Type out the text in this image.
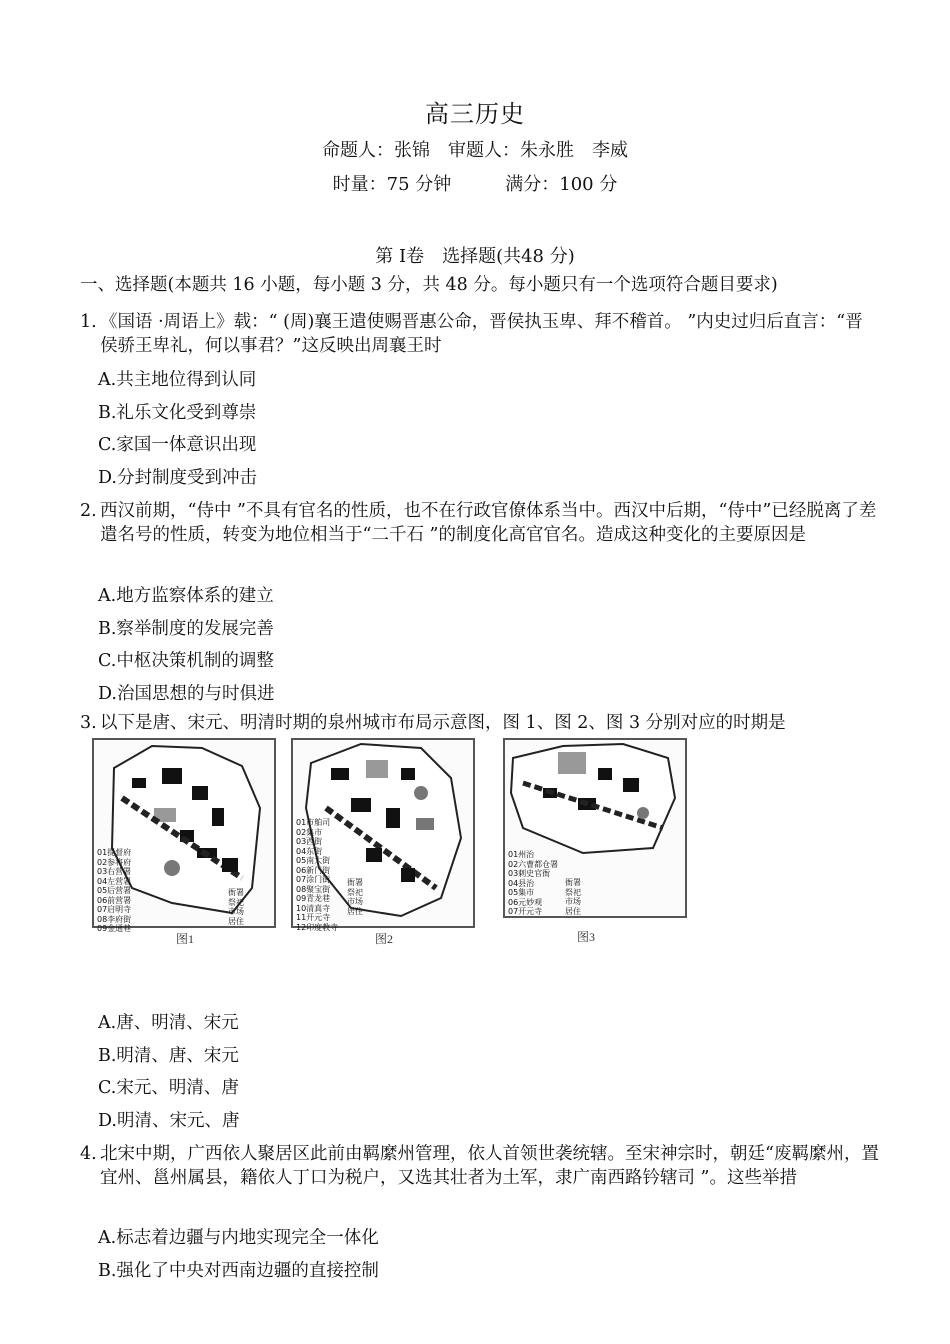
高三历史
命题人：张锦　审题人：朱永胜　李威
时量：75 分钟　　　满分：100 分
第 Ⅰ卷　选择题(共48 分)
一、选择题(本题共 16 小题，每小题 3 分，共 48 分。每小题只有一个选项符合题目要求)
1. 《国语 ·周语上》载：“ (周)襄王遣使赐晋惠公命，晋侯执玉卑、拜不稽首。 ”内史过归后直言：“晋侯骄王卑礼，何以事君？”这反映出周襄王时
A.共主地位得到认同
B.礼乐文化受到尊崇
C.家国一体意识出现
D.分封制度受到冲击
2. 西汉前期，“侍中 ”不具有官名的性质，也不在行政官僚体系当中。西汉中后期，“侍中”已经脱离了差遣名号的性质，转变为地位相当于“二千石 ”的制度化高官官名。造成这种变化的主要原因是
A.地方监察体系的建立
B.察举制度的发展完善
C.中枢决策机制的调整
D.治国思想的与时俱进
3. 以下是唐、宋元、明清时期的泉州城市布局示意图，图 1、图 2、图 3 分别对应的时期是
图1
01提督府
02参将府
03右营署
04左营署
05后营署
06前营署
07启明寺
08李府街
09金通巷
衙署
祭祀
市场
居住
图2
01市舶司
02集市
03西街
04东街
05南大街
06新门街
07涂门街
08聚宝街
09青龙巷
10清真寺
11开元寺
12印度教寺
衙署
祭祀
市场
居住
图3
01州治
02六曹都仓署
03刺史官衙
04县治
05集市
06元妙观
07开元寺
衙署
祭祀
市场
居住
A.唐、明清、宋元
B.明清、唐、宋元
C.宋元、明清、唐
D.明清、宋元、唐
4. 北宋中期，广西依人聚居区此前由羁縻州管理，依人首领世袭统辖。至宋神宗时，朝廷“废羁縻州，置宜州、邕州属县，籍依人丁口为税户，又选其壮者为土军，隶广南西路钤辖司 ”。这些举措
A.标志着边疆与内地实现完全一体化
B.强化了中央对西南边疆的直接控制
